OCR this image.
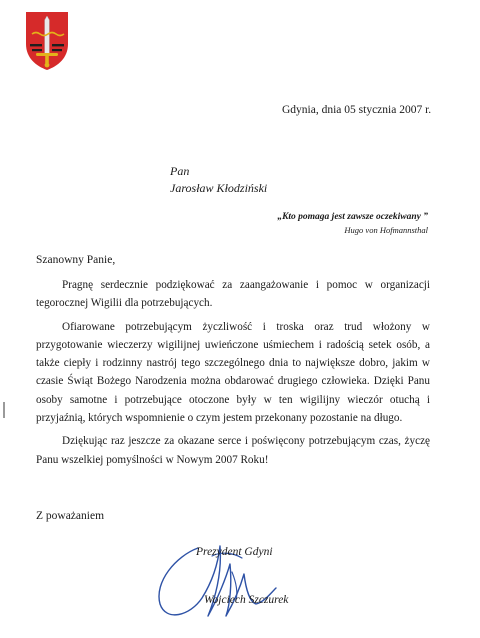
Gdynia, dnia 05 stycznia 2007 r.
Pan
Jarosław Kłodziński
„Kto pomaga jest zawsze oczekiwany ”
Hugo von Hofmannsthal
Szanowny Panie,

Pragnę serdecznie podziękować za zaangażowanie i pomoc w organizacji tegorocznej Wigilii dla potrzebujących.

Ofiarowane potrzebującym życzliwość i troska oraz trud włożony w przygotowanie wieczerzy wigilijnej uwieńczone uśmiechem i radością setek osób, a także ciepły i rodzinny nastrój tego szczególnego dnia to największe dobro, jakim w czasie Świąt Bożego Narodzenia można obdarować drugiego człowieka. Dzięki Panu osoby samotne i potrzebujące otoczone były w ten wigilijny wieczór otuchą i przyjaźnią, których wspomnienie o czym jestem przekonany pozostanie na długo.

Dziękując raz jeszcze za okazane serce i poświęcony potrzebującym czas, życzę Panu wszelkiej pomyślności w Nowym 2007 Roku!

Z poważaniem
Prezydent Gdyni
Wojciech Szczurek
